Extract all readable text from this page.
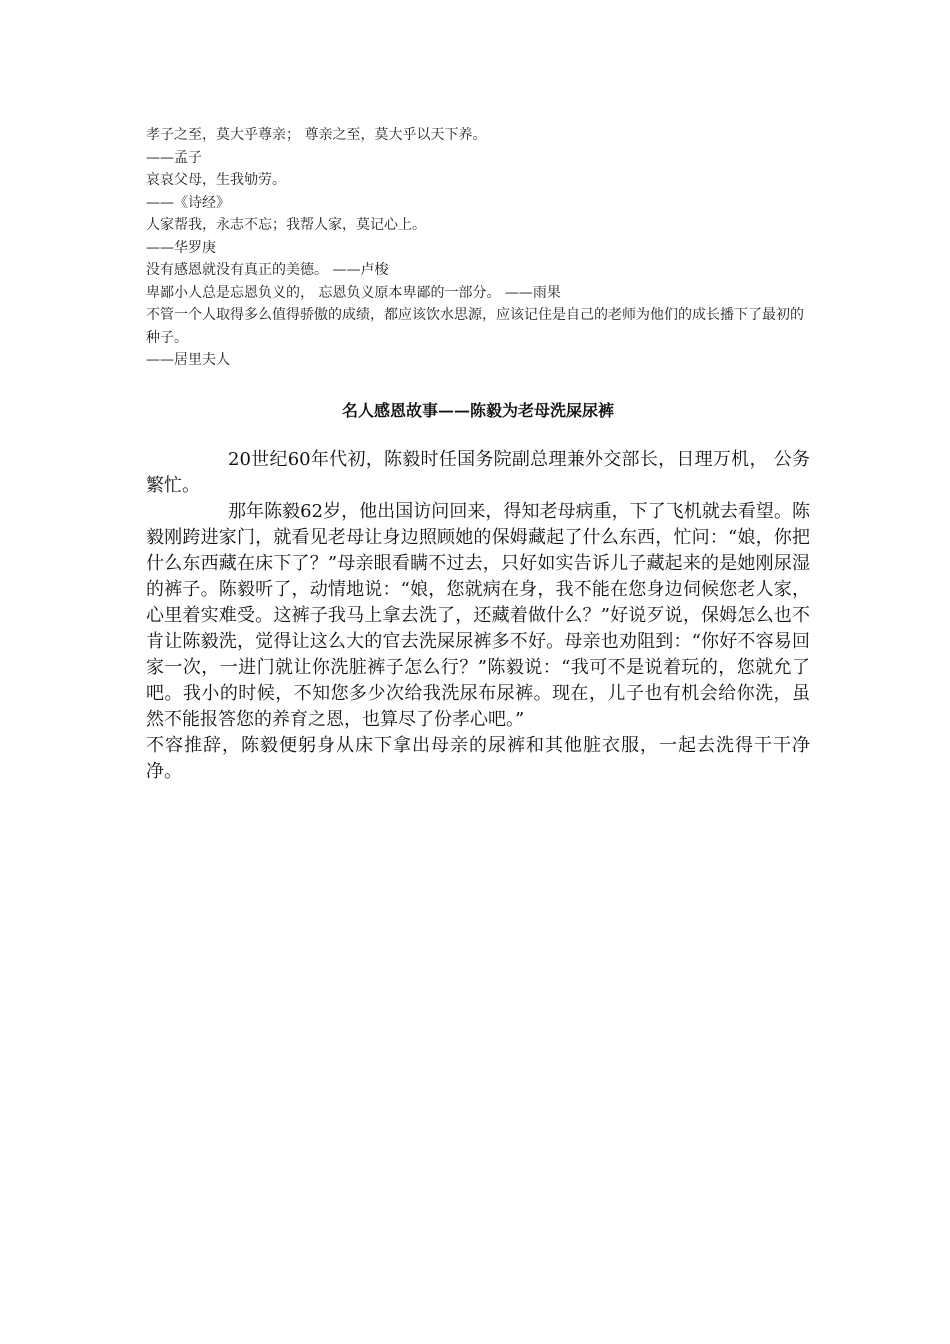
孝子之至，莫大乎尊亲； 尊亲之至，莫大乎以天下养。

——孟子

哀哀父母，生我劬劳。

——《诗经》

人家帮我，永志不忘；我帮人家，莫记心上。

——华罗庚

没有感恩就没有真正的美德。 ——卢梭

卑鄙小人总是忘恩负义的， 忘恩负义原本卑鄙的一部分。 ——雨果

不管一个人取得多么值得骄傲的成绩，都应该饮水思源，应该记住是自己的老师为他们的成长播下了最初的种子。

——居里夫人

名人感恩故事——陈毅为老母洗屎尿裤

20世纪60年代初，陈毅时任国务院副总理兼外交部长，日理万机， 公务繁忙。

那年陈毅62岁，他出国访问回来，得知老母病重，下了飞机就去看望。陈毅刚跨进家门，就看见老母让身边照顾她的保姆藏起了什么东西，忙问：“娘，你把什么东西藏在床下了？”母亲眼看瞒不过去，只好如实告诉儿子藏起来的是她刚尿湿的裤子。陈毅听了，动情地说：“娘，您就病在身，我不能在您身边伺候您老人家，心里着实难受。这裤子我马上拿去洗了，还藏着做什么？”好说歹说，保姆怎么也不肯让陈毅洗，觉得让这么大的官去洗屎尿裤多不好。母亲也劝阻到：“你好不容易回家一次，一进门就让你洗脏裤子怎么行？”陈毅说：“我可不是说着玩的，您就允了吧。我小的时候，不知您多少次给我洗尿布尿裤。现在，儿子也有机会给你洗，虽然不能报答您的养育之恩，也算尽了份孝心吧。”

不容推辞，陈毅便躬身从床下拿出母亲的尿裤和其他脏衣服，一起去洗得干干净净。
